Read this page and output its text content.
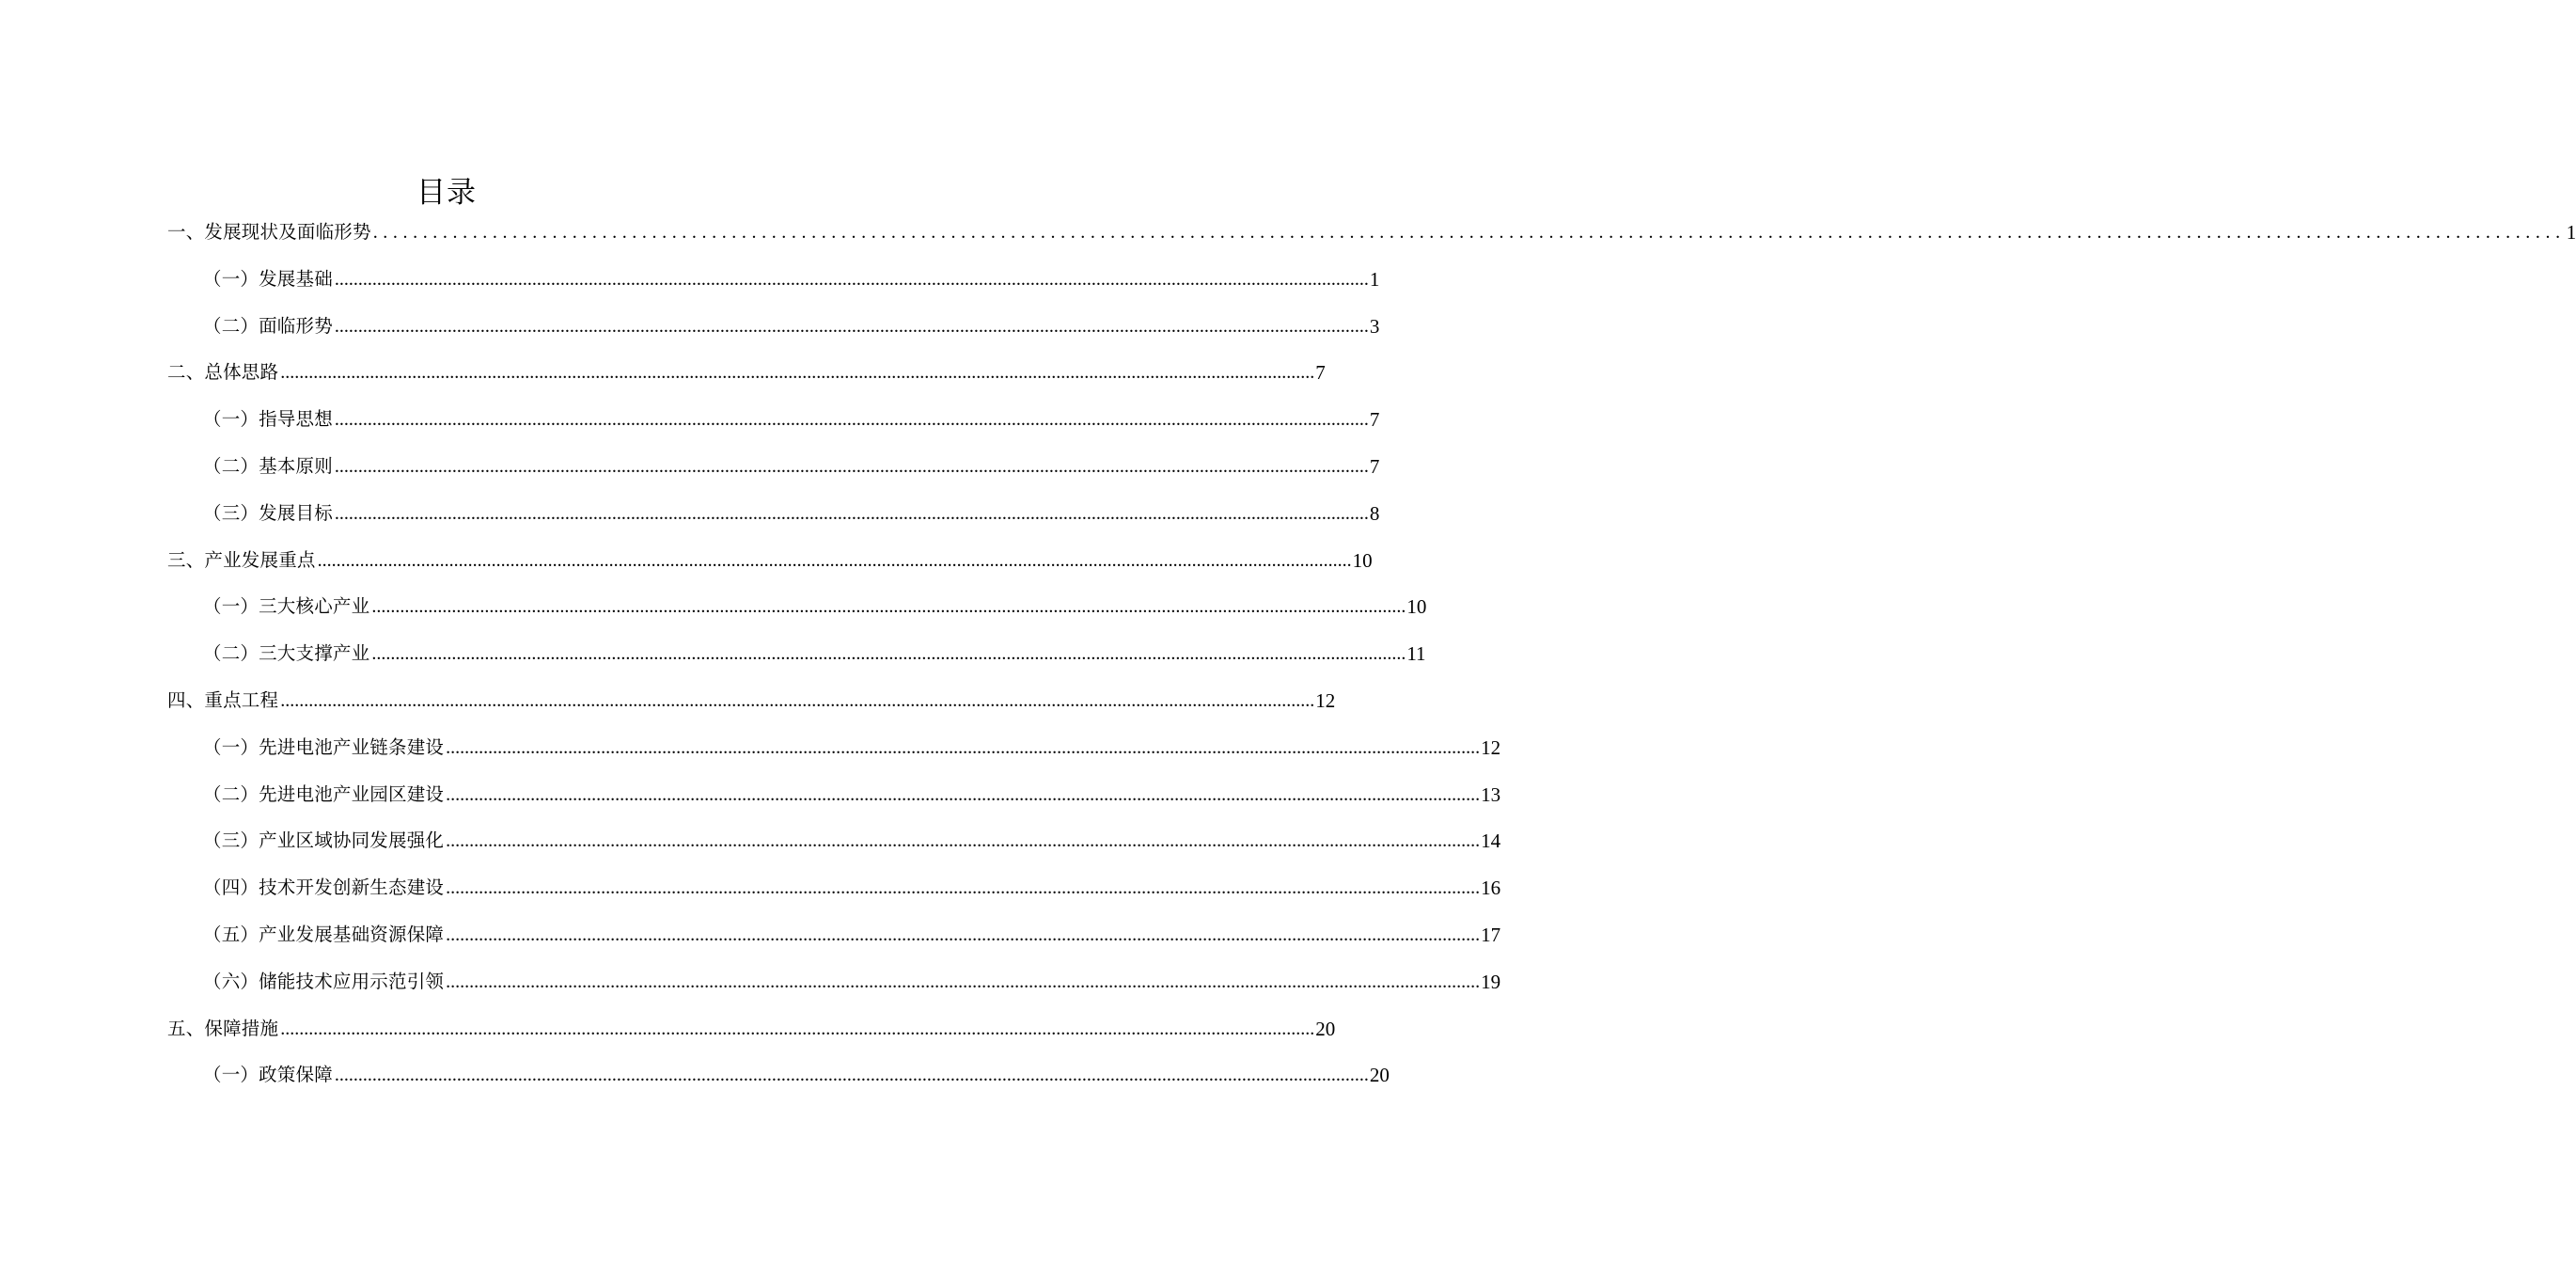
目录
一、发展现状及面临形势 ............................................................................................................................................................................................................................ 1
（一）发展基础 ............................................................................................................................................................................................................................ 1
（二）面临形势 ............................................................................................................................................................................................................................ 3
二、总体思路 ............................................................................................................................................................................................................................ 7
（一）指导思想 ............................................................................................................................................................................................................................ 7
（二）基本原则 ............................................................................................................................................................................................................................ 7
（三）发展目标 ............................................................................................................................................................................................................................ 8
三、产业发展重点 ............................................................................................................................................................................................................................ 10
（一）三大核心产业 ............................................................................................................................................................................................................................ 10
（二）三大支撑产业 ............................................................................................................................................................................................................................ 11
四、重点工程 ............................................................................................................................................................................................................................ 12
（一）先进电池产业链条建设 ............................................................................................................................................................................................................................ 12
（二）先进电池产业园区建设 ............................................................................................................................................................................................................................ 13
（三）产业区域协同发展强化 ............................................................................................................................................................................................................................ 14
（四）技术开发创新生态建设 ............................................................................................................................................................................................................................ 16
（五）产业发展基础资源保障 ............................................................................................................................................................................................................................ 17
（六）储能技术应用示范引领 ............................................................................................................................................................................................................................ 19
五、保障措施 ............................................................................................................................................................................................................................ 20
（一）政策保障 ............................................................................................................................................................................................................................ 20
